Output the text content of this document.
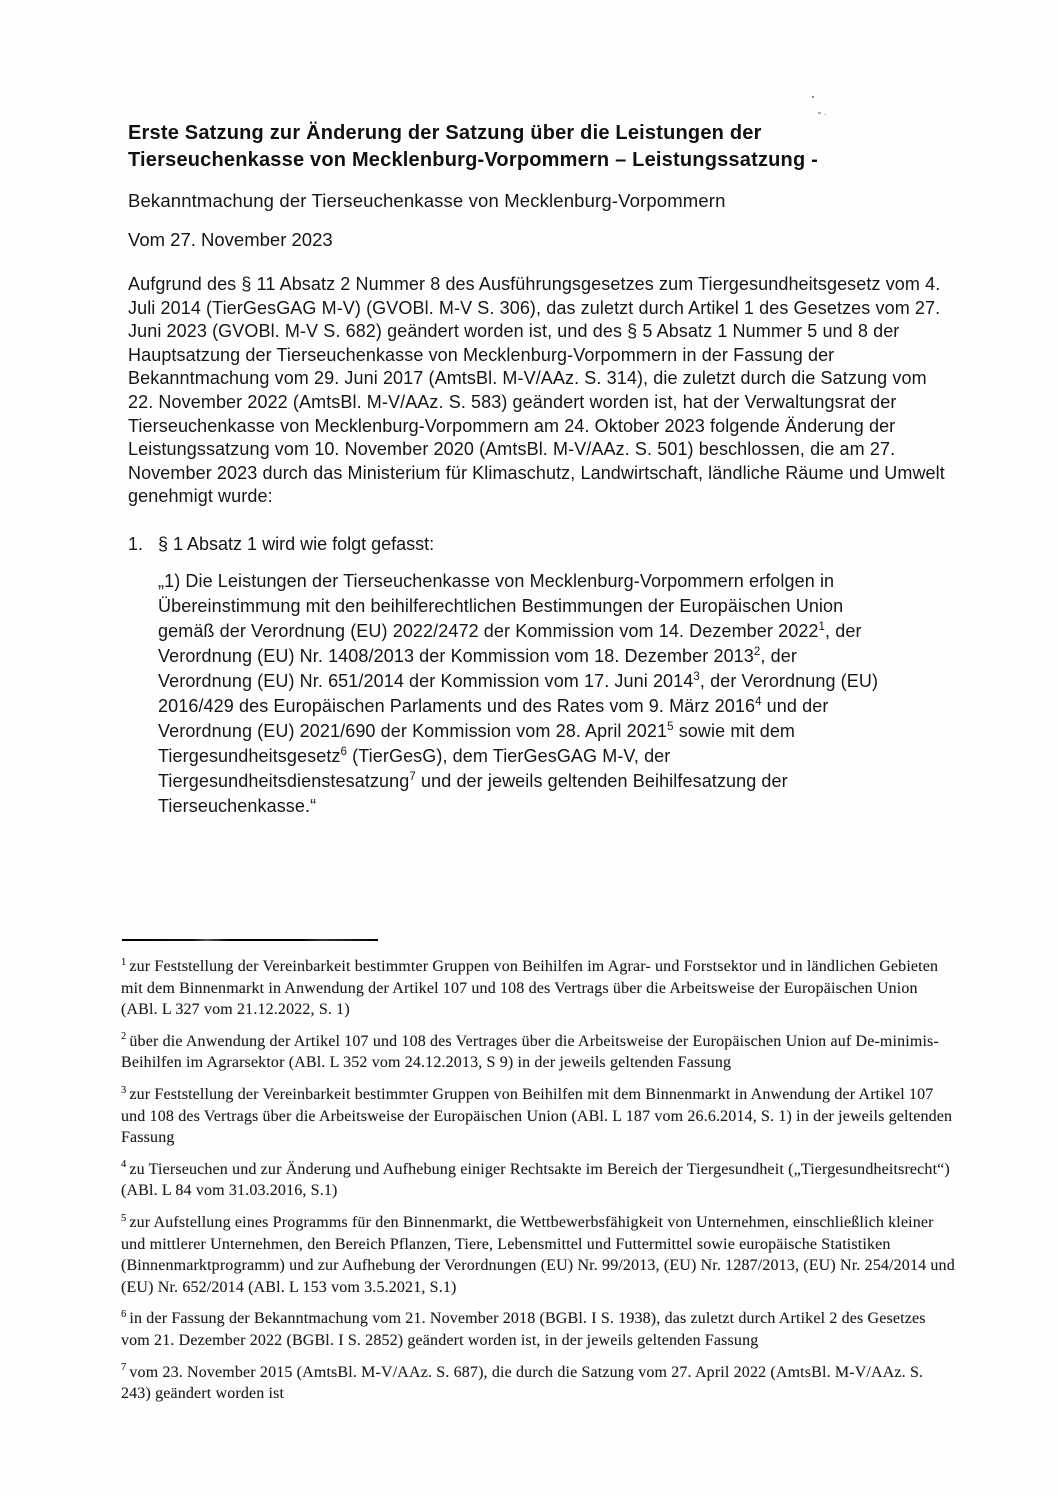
Erste Satzung zur Änderung der Satzung über die Leistungen der Tierseuchenkasse von Mecklenburg-Vorpommern – Leistungssatzung -
Bekanntmachung der Tierseuchenkasse von Mecklenburg-Vorpommern
Vom 27. November 2023
Aufgrund des § 11 Absatz 2 Nummer 8 des Ausführungsgesetzes zum Tiergesundheitsgesetz vom 4. Juli 2014 (TierGesGAG M-V) (GVOBl. M-V S. 306), das zuletzt durch Artikel 1 des Gesetzes vom 27. Juni 2023 (GVOBl. M-V S. 682) geändert worden ist, und des § 5 Absatz 1 Nummer 5 und 8 der Hauptsatzung der Tierseuchenkasse von Mecklenburg-Vorpommern in der Fassung der Bekanntmachung vom 29. Juni 2017 (AmtsBl. M-V/AAz. S. 314), die zuletzt durch die Satzung vom 22. November 2022 (AmtsBl. M-V/AAz. S. 583) geändert worden ist, hat der Verwaltungsrat der Tierseuchenkasse von Mecklenburg-Vorpommern am 24. Oktober 2023 folgende Änderung der Leistungssatzung vom 10. November 2020 (AmtsBl. M-V/AAz. S. 501) beschlossen, die am 27. November 2023 durch das Ministerium für Klimaschutz, Landwirtschaft, ländliche Räume und Umwelt genehmigt wurde:
1. § 1 Absatz 1 wird wie folgt gefasst:
„1) Die Leistungen der Tierseuchenkasse von Mecklenburg-Vorpommern erfolgen in Übereinstimmung mit den beihilferechtlichen Bestimmungen der Europäischen Union gemäß der Verordnung (EU) 2022/2472 der Kommission vom 14. Dezember 2022$^1$, der Verordnung (EU) Nr. 1408/2013 der Kommission vom 18. Dezember 2013$^2$, der Verordnung (EU) Nr. 651/2014 der Kommission vom 17. Juni 2014$^3$, der Verordnung (EU) 2016/429 des Europäischen Parlaments und des Rates vom 9. März 2016$^4$ und der Verordnung (EU) 2021/690 der Kommission vom 28. April 2021$^5$ sowie mit dem Tiergesundheitsgesetz$^6$ (TierGesG), dem TierGesGAG M-V, der Tiergesundheitsdienstesatzung$^7$ und der jeweils geltenden Beihilfesatzung der Tierseuchenkasse.“

$^1$ zur Feststellung der Vereinbarkeit bestimmter Gruppen von Beihilfen im Agrar- und Forstsektor und in ländlichen Gebieten mit dem Binnenmarkt in Anwendung der Artikel 107 und 108 des Vertrags über die Arbeitsweise der Europäischen Union (ABl. L 327 vom 21.12.2022, S. 1)

$^2$ über die Anwendung der Artikel 107 und 108 des Vertrages über die Arbeitsweise der Europäischen Union auf De-minimis-Beihilfen im Agrarsektor (ABl. L 352 vom 24.12.2013, S 9) in der jeweils geltenden Fassung

$^3$ zur Feststellung der Vereinbarkeit bestimmter Gruppen von Beihilfen mit dem Binnenmarkt in Anwendung der Artikel 107 und 108 des Vertrags über die Arbeitsweise der Europäischen Union (ABl. L 187 vom 26.6.2014, S. 1) in der jeweils geltenden Fassung

$^4$ zu Tierseuchen und zur Änderung und Aufhebung einiger Rechtsakte im Bereich der Tiergesundheit („Tiergesundheitsrecht“) (ABl. L 84 vom 31.03.2016, S.1)

$^5$ zur Aufstellung eines Programms für den Binnenmarkt, die Wettbewerbsfähigkeit von Unternehmen, einschließlich kleiner und mittlerer Unternehmen, den Bereich Pflanzen, Tiere, Lebensmittel und Futtermittel sowie europäische Statistiken (Binnenmarktprogramm) und zur Aufhebung der Verordnungen (EU) Nr. 99/2013, (EU) Nr. 1287/2013, (EU) Nr. 254/2014 und (EU) Nr. 652/2014 (ABl. L 153 vom 3.5.2021, S.1)

$^6$ in der Fassung der Bekanntmachung vom 21. November 2018 (BGBl. I S. 1938), das zuletzt durch Artikel 2 des Gesetzes vom 21. Dezember 2022 (BGBl. I S. 2852) geändert worden ist, in der jeweils geltenden Fassung

$^7$ vom 23. November 2015 (AmtsBl. M-V/AAz. S. 687), die durch die Satzung vom 27. April 2022 (AmtsBl. M-V/AAz. S. 243) geändert worden ist
